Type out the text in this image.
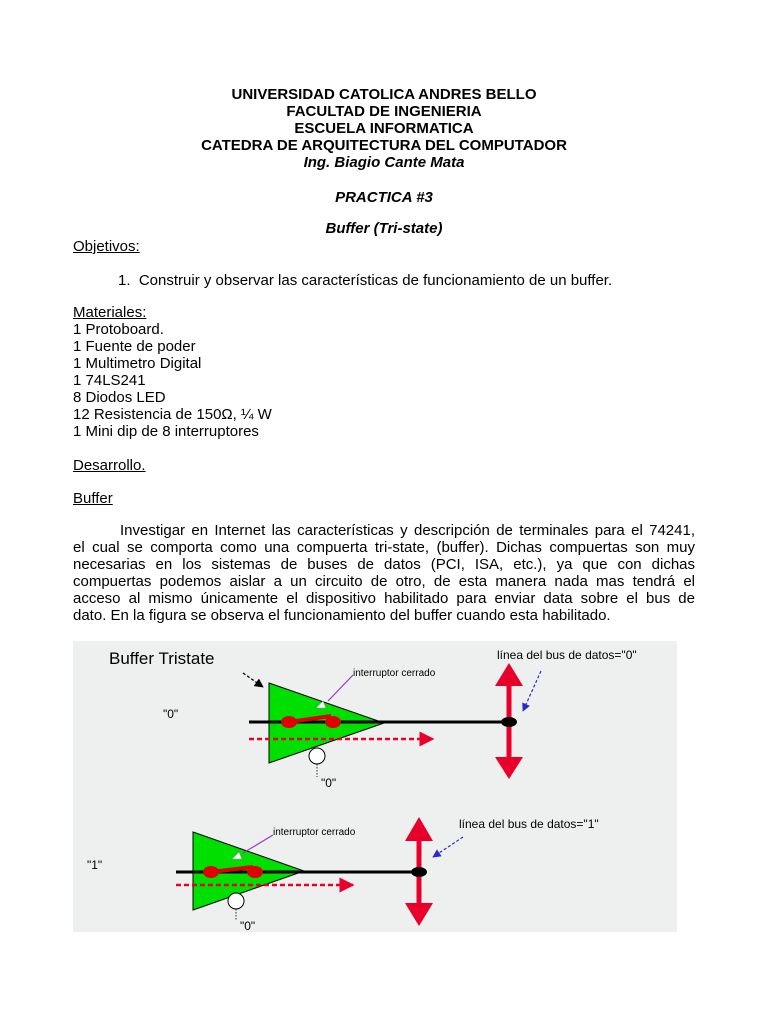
UNIVERSIDAD CATOLICA ANDRES BELLO
FACULTAD DE INGENIERIA
ESCUELA INFORMATICA
CATEDRA DE ARQUITECTURA DEL COMPUTADOR
Ing. Biagio Cante Mata
PRACTICA #3
Buffer (Tri-state)
Objetivos:
1.  Construir y observar las características de funcionamiento de un buffer.
Materiales:
1 Protoboard.
1 Fuente de poder
1 Multimetro Digital
1 74LS241
8 Diodos LED
12 Resistencia de 150Ω, ¼ W
1 Mini dip de 8 interruptores
Desarrollo.
Buffer
Investigar en Internet las características y descripción de terminales para el 74241,
el cual se comporta como una compuerta tri-state, (buffer). Dichas compuertas son muy
necesarias en los sistemas de buses de datos (PCI, ISA, etc.), ya que con dichas
compuertas podemos aislar a un circuito de otro, de esta manera nada mas tendrá el
acceso al mismo únicamente el dispositivo habilitado para enviar data sobre el bus de
dato. En la figura se observa el funcionamiento del buffer cuando esta habilitado.
Buffer Tristate
interruptor cerrado
"0"
"0"
línea del bus de datos="0"
interruptor cerrado
"0"
"1"
línea del bus de datos="1"
